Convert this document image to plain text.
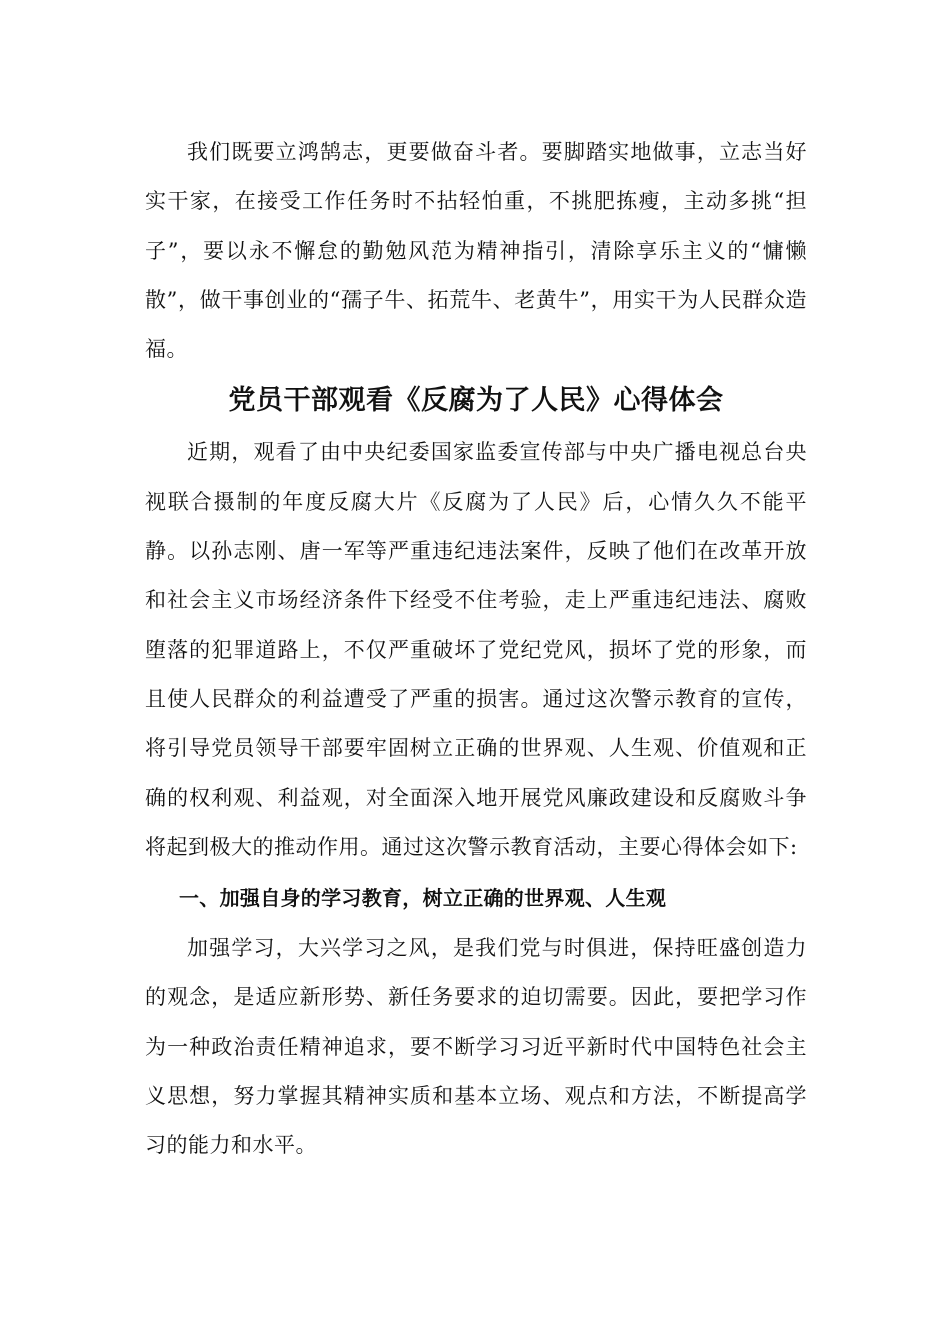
我们既要立鸿鹄志，更要做奋斗者。要脚踏实地做事，立志当好实干家，在接受工作任务时不拈轻怕重，不挑肥拣瘦，主动多挑“担子”，要以永不懈怠的勤勉风范为精神指引，清除享乐主义的“慵懒散”，做干事创业的“孺子牛、拓荒牛、老黄牛”，用实干为人民群众造福。

党员干部观看《反腐为了人民》心得体会

近期，观看了由中央纪委国家监委宣传部与中央广播电视总台央视联合摄制的年度反腐大片《反腐为了人民》后，心情久久不能平静。以孙志刚、唐一军等严重违纪违法案件，反映了他们在改革开放和社会主义市场经济条件下经受不住考验，走上严重违纪违法、腐败堕落的犯罪道路上，不仅严重破坏了党纪党风，损坏了党的形象，而且使人民群众的利益遭受了严重的损害。通过这次警示教育的宣传，将引导党员领导干部要牢固树立正确的世界观、人生观、价值观和正确的权利观、利益观，对全面深入地开展党风廉政建设和反腐败斗争将起到极大的推动作用。通过这次警示教育活动，主要心得体会如下:

一、加强自身的学习教育，树立正确的世界观、人生观

加强学习，大兴学习之风，是我们党与时俱进，保持旺盛创造力的观念，是适应新形势、新任务要求的迫切需要。因此，要把学习作为一种政治责任精神追求，要不断学习习近平新时代中国特色社会主义思想，努力掌握其精神实质和基本立场、观点和方法，不断提高学习的能力和水平。
